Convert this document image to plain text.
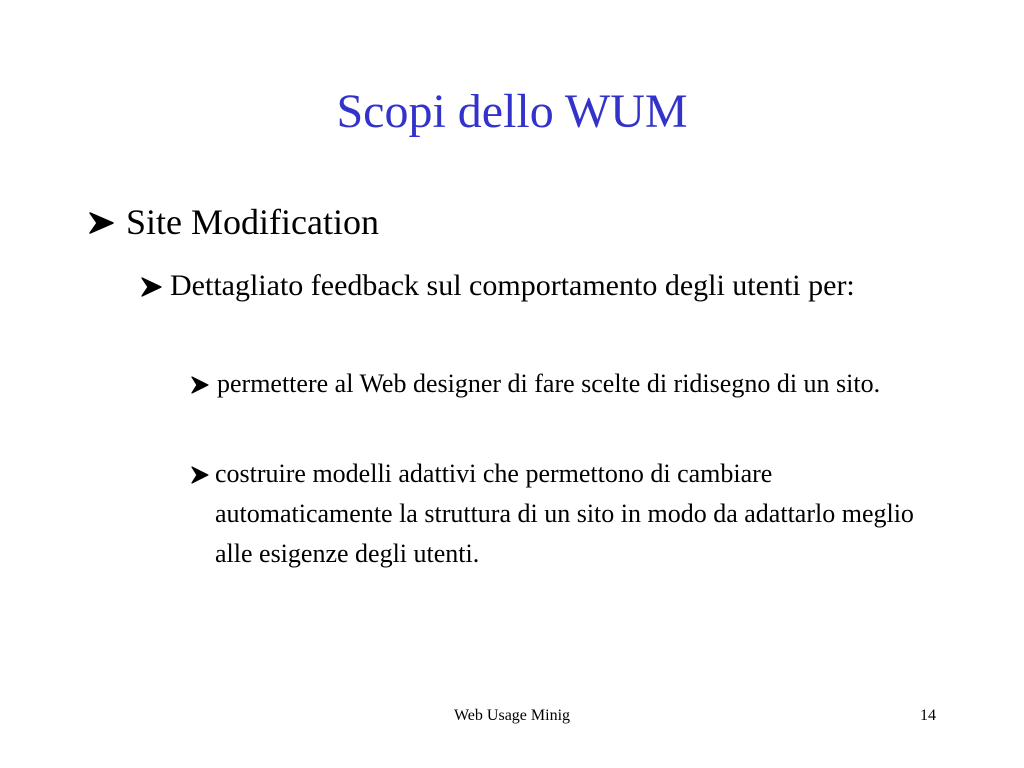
Scopi dello WUM
Site Modification
Dettagliato feedback sul comportamento degli utenti per:
permettere al Web designer di fare scelte di ridisegno di un sito.
costruire modelli adattivi che permettono di cambiare automaticamente la struttura di un sito in modo da adattarlo meglio alle esigenze degli utenti.
Web Usage Minig	14
